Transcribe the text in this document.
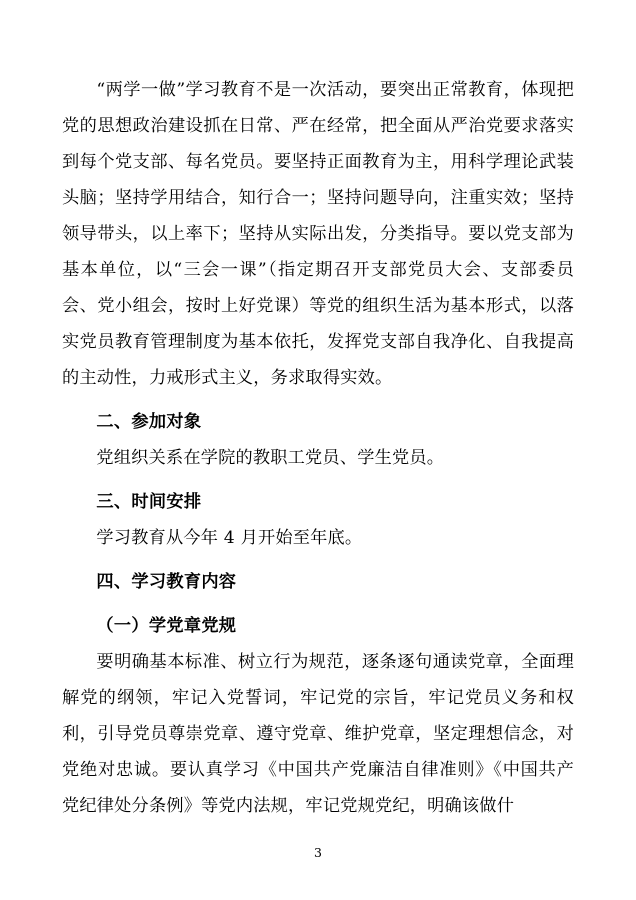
“两学一做”学习教育不是一次活动，要突出正常教育，体现把党的思想政治建设抓在日常、严在经常，把全面从严治党要求落实到每个党支部、每名党员。要坚持正面教育为主，用科学理论武装头脑；坚持学用结合，知行合一；坚持问题导向，注重实效；坚持领导带头，以上率下；坚持从实际出发，分类指导。要以党支部为基本单位，以“三会一课”（指定期召开支部党员大会、支部委员会、党小组会，按时上好党课）等党的组织生活为基本形式，以落实党员教育管理制度为基本依托，发挥党支部自我净化、自我提高的主动性，力戒形式主义，务求取得实效。

二、参加对象

党组织关系在学院的教职工党员、学生党员。

三、时间安排

学习教育从今年 4 月开始至年底。

四、学习教育内容
（一）学党章党规

要明确基本标准、树立行为规范，逐条逐句通读党章，全面理解党的纲领，牢记入党誓词，牢记党的宗旨，牢记党员义务和权利，引导党员尊崇党章、遵守党章、维护党章，坚定理想信念，对党绝对忠诚。要认真学习《中国共产党廉洁自律准则》《中国共产党纪律处分条例》等党内法规，牢记党规党纪，明确该做什

3
